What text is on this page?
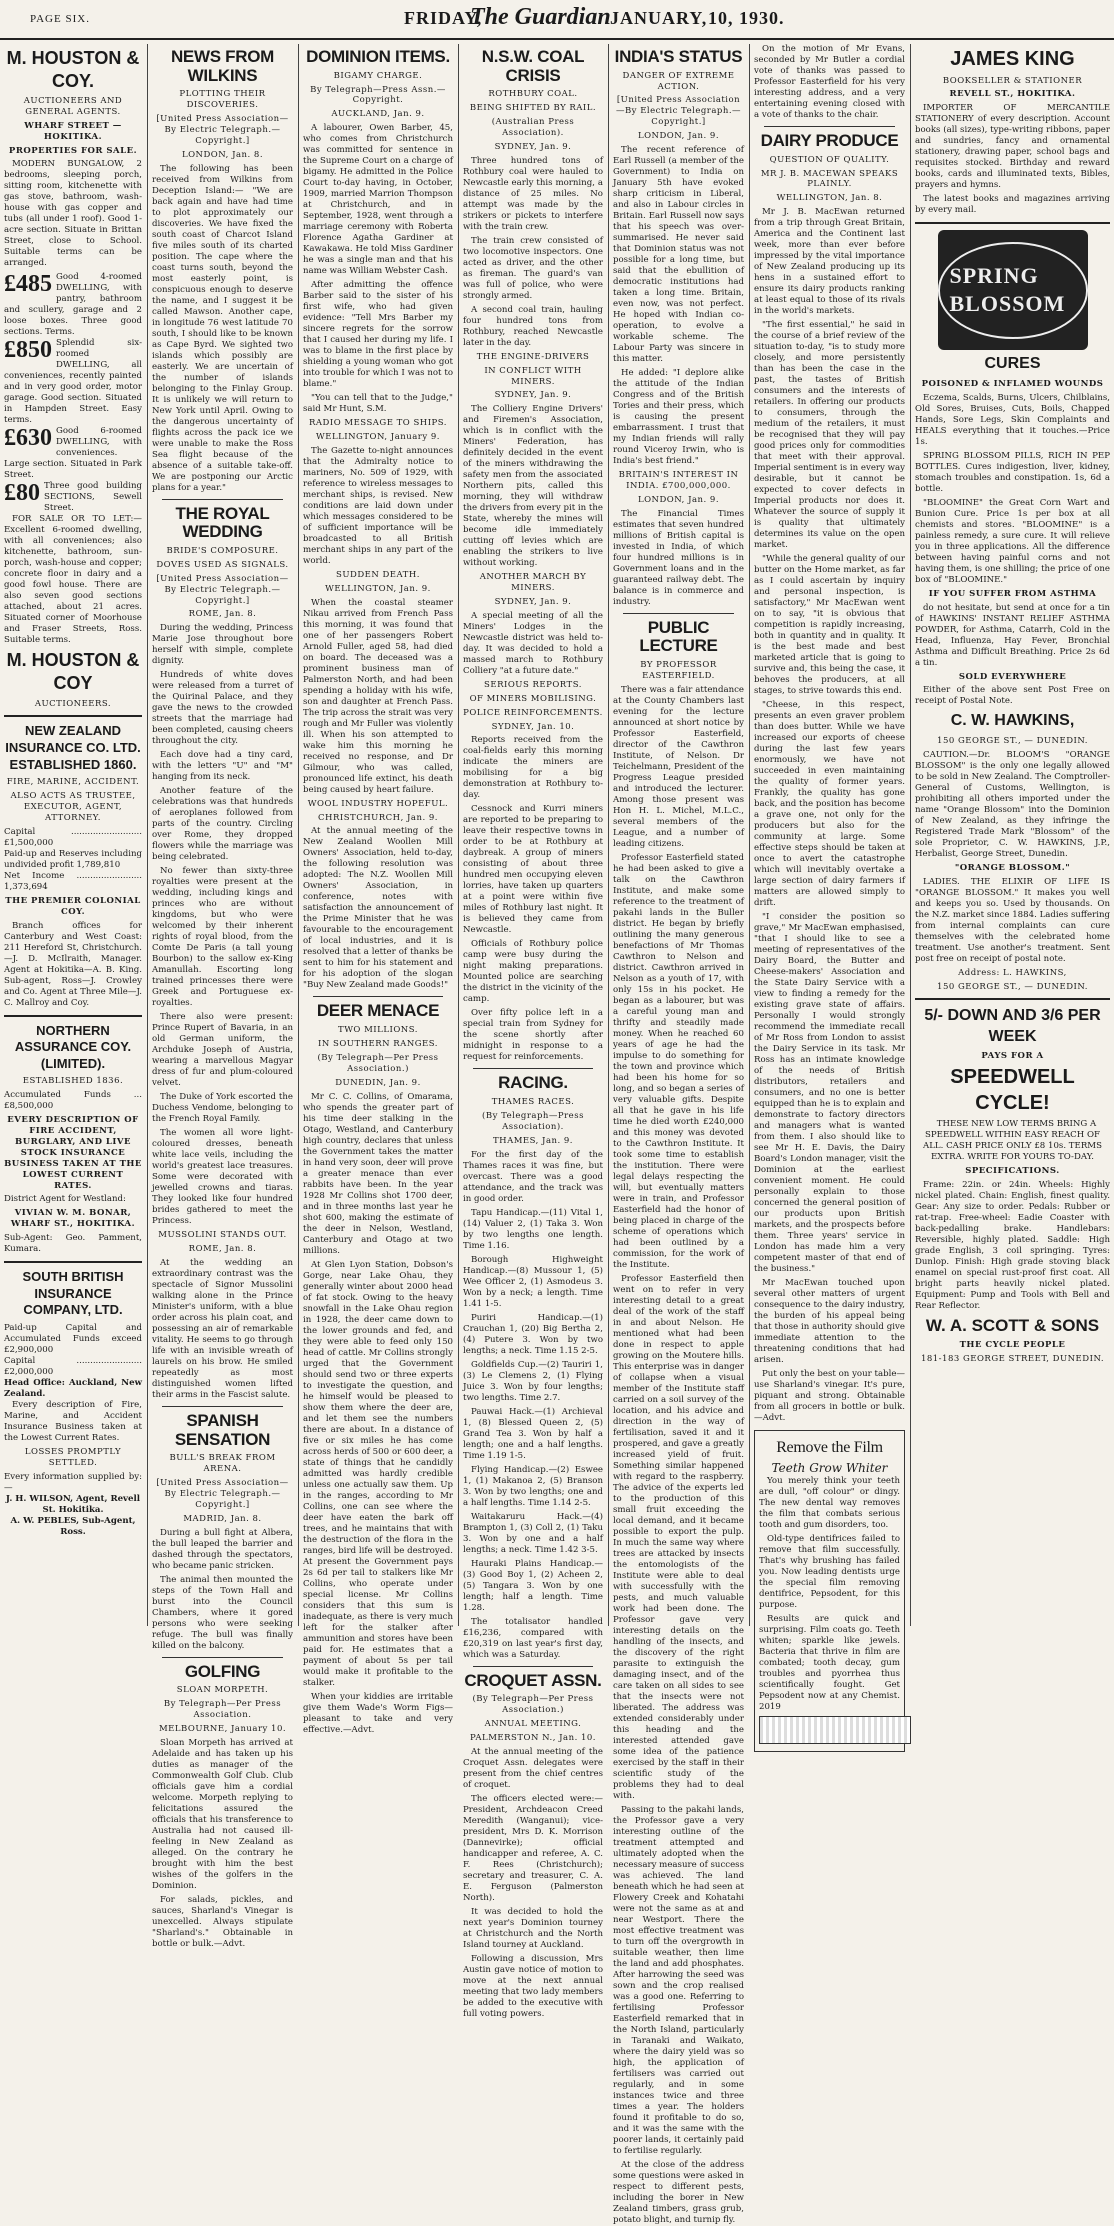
PAGE SIX.	FRIDAY,
The Guardian JANUARY, 10, 1930.
M. HOUSTON & COY.
AUCTIONEERS AND GENERAL AGENTS.
WHARF STREET — HOKITIKA.
PROPERTIES FOR SALE.

MODERN BUNGALOW, 2 bedrooms, sleeping porch, sitting room, kitchenette with gas stove, bathroom, wash-house with gas copper and tubs (all under 1 roof). Good 1-acre section. Situate in Brittan Street, close to School. Suitable terms can be arranged.

£485 Good 4-roomed DWELLING, with pantry, bathroom and scullery, garage and 2 loose boxes. Three good sections. Terms.
£850 Splendid six-roomed DWELLING, all conveniences, recently painted and in very good order, motor garage. Good section. Situated in Hampden Street. Easy terms.
£630 Good 6-roomed DWELLING, with conveniences. Large section. Situated in Park Street.
£80 Three good building SECTIONS, Sewell Street.

FOR SALE OR TO LET:—Excellent 6-roomed dwelling, with all conveniences; also kitchenette, bathroom, sun-porch, wash-house and copper; concrete floor in dairy and a good fowl house. There are also seven good sections attached, about 21 acres. Situated corner of Moorhouse and Fraser Streets, Ross. Suitable terms.

M. HOUSTON & COY
AUCTIONEERS.
NEW ZEALAND INSURANCE CO. LTD. ESTABLISHED 1860.
FIRE, MARINE, ACCIDENT.
ALSO ACTS AS TRUSTEE, EXECUTOR, AGENT, ATTORNEY.
Capital .......................... £1,500,000
Paid-up and Reserves including undivided profit 1,789,810
Net Income ........................ 1,373,694
THE PREMIER COLONIAL COY.

Branch offices for Canterbury and West Coast: 211 Hereford St, Christchurch.—J. D. McIlraith, Manager. Agent at Hokitika—A. B. King. Sub-agent, Ross—J. Crowley and Co. Agent at Three Mile—J. C. Mallroy and Coy.

NORTHERN ASSURANCE COY. (LIMITED).
ESTABLISHED 1836.
Accumulated Funds ... £8,500,000
EVERY DESCRIPTION OF FIRE ACCIDENT, BURGLARY, AND LIVE STOCK INSURANCE BUSINESS TAKEN AT THE LOWEST CURRENT RATES.
District Agent for Westland:
VIVIAN W. M. BONAR, WHARF ST., HOKITIKA.
Sub-Agent: Geo. Pamment, Kumara.
SOUTH BRITISH INSURANCE COMPANY, LTD.
Paid-up Capital and Accumulated Funds exceed £2,900,000
Capital ........................ £2,000,000
Head Office: Auckland, New Zealand.

Every description of Fire, Marine, and Accident Insurance Business taken at the Lowest Current Rates.

LOSSES PROMPTLY SETTLED.
Every information supplied by:—
J. H. WILSON, Agent, Revell St. Hokitika.
A. W. PEBLES, Sub-Agent, Ross.
NEWS FROM WILKINS
PLOTTING THEIR DISCOVERIES.
[United Press Association—By Electric Telegraph.—Copyright.]
LONDON, Jan. 8.

The following has been received from Wilkins from Deception Island:— "We are back again and have had time to plot approximately our discoveries. We have fixed the south coast of Charcot Island five miles south of its charted position. The cape where the coast turns south, beyond the most easterly point, is conspicuous enough to deserve the name, and I suggest it be called Mawson. Another cape, in longitude 76 west latitude 70 south, I should like to be known as Cape Byrd. We sighted two islands which possibly are easterly. We are uncertain of the number of islands belonging to the Finlay Group. It is unlikely we will return to New York until April. Owing to the dangerous uncertainty of flights across the pack ice we were unable to make the Ross Sea flight because of the absence of a suitable take-off. We are postponing our Arctic plans for a year."

THE ROYAL WEDDING
BRIDE'S COMPOSURE.
DOVES USED AS SIGNALS.
[United Press Association—By Electric Telegraph.—Copyright.]
ROME, Jan. 8.

During the wedding, Princess Marie Jose throughout bore herself with simple, complete dignity.

Hundreds of white doves were released from a turret of the Quirinal Palace, and they gave the news to the crowded streets that the marriage had been completed, causing cheers throughout the city.

Each dove had a tiny card, with the letters "U" and "M" hanging from its neck.

Another feature of the celebrations was that hundreds of aeroplanes followed from parts of the country. Circling over Rome, they dropped flowers while the marriage was being celebrated.

No fewer than sixty-three royalties were present at the wedding, including kings and princes who are without kingdoms, but who were welcomed by their inherent rights of royal blood, from the Comte De Paris (a tall young Bourbon) to the sallow ex-King Amanullah. Escorting long trained princesses there were Greek and Portuguese ex-royalties.

There also were present: Prince Rupert of Bavaria, in an old German uniform, the Archduke Joseph of Austria, wearing a marvellous Magyar dress of fur and plum-coloured velvet.

The Duke of York escorted the Duchess Vendome, belonging to the French Royal Family.

The women all wore light-coloured dresses, beneath white lace veils, including the world's greatest lace treasures. Some were decorated with jewelled crowns and tiaras. They looked like four hundred brides gathered to meet the Princess.

MUSSOLINI STANDS OUT.
ROME, Jan. 8.

At the wedding an extraordinary contrast was the spectacle of Signor Mussolini walking alone in the Prince Minister's uniform, with a blue order across his plain coat, and possessing an air of remarkable vitality. He seems to go through life with an invisible wreath of laurels on his brow. He smiled repeatedly as most distinguished women lifted their arms in the Fascist salute.

SPANISH SENSATION
BULL'S BREAK FROM ARENA.
[United Press Association—By Electric Telegraph.—Copyright.]
MADRID, Jan. 8.

During a bull fight at Albera, the bull leaped the barrier and dashed through the spectators, who became panic stricken.

The animal then mounted the steps of the Town Hall and burst into the Council Chambers, where it gored persons who were seeking refuge. The bull was finally killed on the balcony.

GOLFING
SLOAN MORPETH.
By Telegraph—Per Press Association.
MELBOURNE, January 10.

Sloan Morpeth has arrived at Adelaide and has taken up his duties as manager of the Commonwealth Golf Club. Club officials gave him a cordial welcome. Morpeth replying to felicitations assured the officials that his transference to Australia had not caused ill-feeling in New Zealand as alleged. On the contrary he brought with him the best wishes of the golfers in the Dominion.

For salads, pickles, and sauces, Sharland's Vinegar is unexcelled. Always stipulate "Sharland's." Obtainable in bottle or bulk.—Advt.

DOMINION ITEMS.
BIGAMY CHARGE.
By Telegraph—Press Assn.—Copyright.
AUCKLAND, Jan. 9.

A labourer, Owen Barber, 45, who comes from Christchurch was committed for sentence in the Supreme Court on a charge of bigamy. He admitted in the Police Court to-day having, in October, 1909, married Marrion Thompson at Christchurch, and in September, 1928, went through a marriage ceremony with Roberta Florence Agatha Gardiner at Kawakawa. He told Miss Gardiner he was a single man and that his name was William Webster Cash.

After admitting the offence Barber said to the sister of his first wife, who had given evidence: "Tell Mrs Barber my sincere regrets for the sorrow that I caused her during my life. I was to blame in the first place by shielding a young woman who got into trouble for which I was not to blame."

"You can tell that to the Judge," said Mr Hunt, S.M.

RADIO MESSAGE TO SHIPS.
WELLINGTON, January 9.

The Gazette to-night announces that the Admiralty notice to mariners, No. 509 of 1929, with reference to wireless messages to merchant ships, is revised. New conditions are laid down under which messages considered to be of sufficient importance will be broadcasted to all British merchant ships in any part of the world.

SUDDEN DEATH.
WELLINGTON, Jan. 9.

When the coastal steamer Nikau arrived from French Pass this morning, it was found that one of her passengers Robert Arnold Fuller, aged 58, had died on board. The deceased was a prominent business man of Palmerston North, and had been spending a holiday with his wife, son and daughter at French Pass. The trip across the strait was very rough and Mr Fuller was violently ill. When his son attempted to wake him this morning he received no response, and Dr Gilmour, who was called, pronounced life extinct, his death being caused by heart failure.

WOOL INDUSTRY HOPEFUL.
CHRISTCHURCH, Jan. 9.

At the annual meeting of the New Zealand Woollen Mill Owners' Association, held to-day, the following resolution was adopted: The N.Z. Woollen Mill Owners' Association, in conference, notes with satisfaction the announcement of the Prime Minister that he was favourable to the encouragement of local industries, and it is resolved that a letter of thanks be sent to him for his statement and for his adoption of the slogan "Buy New Zealand made Goods!"

DEER MENACE
TWO MILLIONS.
IN SOUTHERN RANGES.
(By Telegraph—Per Press Association.)
DUNEDIN, Jan. 9.

Mr C. C. Collins, of Omarama, who spends the greater part of his time deer stalking in the Otago, Westland, and Canterbury high country, declares that unless the Government takes the matter in hand very soon, deer will prove a greater menace than ever rabbits have been. In the year 1928 Mr Collins shot 1700 deer, and in three months last year he shot 600, making the estimate of the deer in Nelson, Westland, Canterbury and Otago at two millions.

At Glen Lyon Station, Dobson's Gorge, near Lake Ohau, they generally winter about 2000 head of fat stock. Owing to the heavy snowfall in the Lake Ohau region in 1928, the deer came down to the lower grounds and fed, and they were able to feed only 150 head of cattle. Mr Collins strongly urged that the Government should send two or three experts to investigate the question, and he himself would be pleased to show them where the deer are, and let them see the numbers there are about. In a distance of five or six miles he has come across herds of 500 or 600 deer, a state of things that he candidly admitted was hardly credible unless one actually saw them. Up in the ranges, according to Mr Collins, one can see where the deer have eaten the bark off trees, and he maintains that with the destruction of the flora in the ranges, bird life will be destroyed. At present the Government pays 2s 6d per tail to stalkers like Mr Collins, who operate under special license. Mr Collins considers that this sum is inadequate, as there is very much left for the stalker after ammunition and stores have been paid for. He estimates that a payment of about 5s per tail would make it profitable to the stalker.

When your kiddies are irritable give them Wade's Worm Figs—pleasant to take and very effective.—Advt.

N.S.W. COAL CRISIS
ROTHBURY COAL.
BEING SHIFTED BY RAIL.
(Australian Press Association).
SYDNEY, Jan. 9.

Three hundred tons of Rothbury coal were hauled to Newcastle early this morning, a distance of 25 miles. No attempt was made by the strikers or pickets to interfere with the train crew.

The train crew consisted of two locomotive inspectors. One acted as driver, and the other as fireman. The guard's van was full of police, who were strongly armed.

A second coal train, hauling four hundred tons from Rothbury, reached Newcastle later in the day.

THE ENGINE-DRIVERS
IN CONFLICT WITH MINERS.
SYDNEY, Jan. 9.

The Colliery Engine Drivers' and Firemen's Association, which is in conflict with the Miners' Federation, has definitely decided in the event of the miners withdrawing the safety men from the associated Northern pits, called this morning, they will withdraw the drivers from every pit in the State, whereby the mines will become idle immediately cutting off levies which are enabling the strikers to live without working.

ANOTHER MARCH BY MINERS.
SYDNEY, Jan. 9.

A special meeting of all the Miners' Lodges in the Newcastle district was held to-day. It was decided to hold a massed march to Rothbury Colliery "at a future date."

SERIOUS REPORTS.
OF MINERS MOBILISING.
POLICE REINFORCEMENTS.
SYDNEY, Jan. 10.

Reports received from the coal-fields early this morning indicate the miners are mobilising for a big demonstration at Rothbury to-day.

Cessnock and Kurri miners are reported to be preparing to leave their respective towns in order to be at Rothbury at daybreak. A group of miners consisting of about three hundred men occupying eleven lorries, have taken up quarters at a point were within five miles of Rothbury last night. It is believed they came from Newcastle.

Officials of Rothbury police camp were busy during the night making preparations. Mounted police are searching the district in the vicinity of the camp.

Over fifty police left in a special train from Sydney for the scene shortly after midnight in response to a request for reinforcements.

RACING.
THAMES RACES.
(By Telegraph—Press Association).
THAMES, Jan. 9.

For the first day of the Thames races it was fine, but overcast. There was a good attendance, and the track was in good order.

Tapu Handicap.—(11) Vital 1, (14) Valuer 2, (1) Taka 3. Won by two lengths one length. Time 1.16.

Borough Highweight Handicap.—(8) Mussour 1, (5) Wee Officer 2, (1) Asmodeus 3. Won by a neck; a length. Time 1.41 1-5.

Puriri Handicap.—(1) Crauchan 1, (20) Big Bertha 2, (4) Putere 3. Won by two lengths; a neck. Time 1.15 2-5.

Goldfields Cup.—(2) Tauriri 1, (3) Le Clemens 2, (1) Flying Juice 3. Won by four lengths; two lengths. Time 2.7.

Pauwai Hack.—(1) Archieval 1, (8) Blessed Queen 2, (5) Grand Tea 3. Won by half a length; one and a half lengths. Time 1.19 1-5.

Flying Handicap.—(2) Eswee 1, (1) Makanoa 2, (5) Branson 3. Won by two lengths; one and a half lengths. Time 1.14 2-5.

Waitakaruru Hack.—(4) Brampton 1, (3) Coll 2, (1) Taku 3. Won by one and a half lengths; a neck. Time 1.42 3-5.

Hauraki Plains Handicap.—(3) Good Boy 1, (2) Acheen 2, (5) Tangara 3. Won by one length; half a length. Time 1.28.

The totalisator handled £16,236, compared with £20,319 on last year's first day, which was a Saturday.

CROQUET ASSN.
(By Telegraph—Per Press Association.)
ANNUAL MEETING.
PALMERSTON N., Jan. 10.

At the annual meeting of the Croquet Assn. delegates were present from the chief centres of croquet.

The officers elected were:—President, Archdeacon Creed Meredith (Wanganui); vice-president, Mrs D. K. Morrison (Dannevirke); official handicapper and referee, A. C. F. Rees (Christchurch); secretary and treasurer, C. A. E. Ferguson (Palmerston North).

It was decided to hold the next year's Dominion tourney at Christchurch and the North Island tourney at Auckland.

Following a discussion, Mrs Austin gave notice of motion to move at the next annual meeting that two lady members be added to the executive with full voting powers.

INDIA'S STATUS
DANGER OF EXTREME ACTION.
[United Press Association—By Electric Telegraph.—Copyright.]
LONDON, Jan. 9.

The recent reference of Earl Russell (a member of the Government) to India on January 5th have evoked sharp criticism in Liberal, and also in Labour circles in Britain. Earl Russell now says that his speech was over-summarised. He never said that Dominion status was not possible for a long time, but said that the ebullition of democratic institutions had taken a long time. Britain, even now, was not perfect. He hoped with Indian co-operation, to evolve a workable scheme. The Labour Party was sincere in this matter.

He added: "I deplore alike the attitude of the Indian Congress and of the British Tories and their press, which is causing the present embarrassment. I trust that my Indian friends will rally round Viceroy Irwin, who is India's best friend."

BRITAIN'S INTEREST IN INDIA. £700,000,000.
LONDON, Jan. 9.

The Financial Times estimates that seven hundred millions of British capital is invested in India, of which four hundred millions is in Government loans and in the guaranteed railway debt. The balance is in commerce and industry.

PUBLIC LECTURE
BY PROFESSOR EASTERFIELD.

There was a fair attendance at the County Chambers last evening for the lecture announced at short notice by Professor Easterfield, director of the Cawthron Institute, of Nelson. Dr Teichelmann, President of the Progress League presided and introduced the lecturer. Among those present was Hon H. L. Michel, M.L.C., several members of the League, and a number of leading citizens.

Professor Easterfield stated he had been asked to give a talk on the Cawthron Institute, and make some reference to the treatment of pakahi lands in the Buller district. He began by briefly outlining the many generous benefactions of Mr Thomas Cawthron to Nelson and district. Cawthron arrived in Nelson as a youth of 17, with only 15s in his pocket. He began as a labourer, but was a careful young man and thrifty and steadily made money. When he reached 60 years of age he had the impulse to do something for the town and province which had been his home for so long, and so began a series of very valuable gifts. Despite all that he gave in his life time he died worth £240,000 and this money was devoted to the Cawthron Institute. It took some time to establish the institution. There were legal delays respecting the will, but eventually matters were in train, and Professor Easterfield had the honor of being placed in charge of the scheme of operations which had been outlined by a commission, for the work of the Institute.

Professor Easterfield then went on to refer in very interesting detail to a great deal of the work of the staff in and about Nelson. He mentioned what had been done in respect to apple growing on the Moutere hills. This enterprise was in danger of collapse when a visual member of the Institute staff carried on a soil survey of the location, and his advice and direction in the way of fertilisation, saved it and it prospered, and gave a greatly increased yield of fruit. Something similar happened with regard to the raspberry. The advice of the experts led to the production of this small fruit exceeding the local demand, and it became possible to export the pulp. In much the same way where trees are attacked by insects the entomologists of the Institute were able to deal with successfully with the pests, and much valuable work had been done. The Professor gave very interesting details on the handling of the insects, and the discovery of the right parasite to extinguish the damaging insect, and of the care taken on all sides to see that the insects were not liberated. The address was extended considerably under this heading and the interested attended gave some idea of the patience exercised by the staff in their scientific study of the problems they had to deal with.

Passing to the pakahi lands, the Professor gave a very interesting outline of the treatment attempted and ultimately adopted when the necessary measure of success was achieved. The land beneath which he had seen at Flowery Creek and Kohatahi were not the same as at and near Westport. There the most effective treatment was to turn off the overgrowth in suitable weather, then lime the land and add phosphates. After harrowing the seed was sown and the crop realised was a good one. Referring to fertilising Professor Easterfield remarked that in the North Island, particularly in Taranaki and Waikato, where the dairy yield was so high, the application of fertilisers was carried out regularly, and in some instances twice and three times a year. The holders found it profitable to do so, and it was the same with the poorer lands, it certainly paid to fertilise regularly.

At the close of the address some questions were asked in respect to different pests, including the borer in New Zealand timbers, grass grub, potato blight, and turnip fly.

On the motion of Mr Evans, seconded by Mr Butler a cordial vote of thanks was passed to Professor Easterfield for his very interesting address, and a very entertaining evening closed with a vote of thanks to the chair.

DAIRY PRODUCE
QUESTION OF QUALITY.
MR J. B. MACEWAN SPEAKS PLAINLY.
WELLINGTON, Jan. 8.

Mr J. B. MacEwan returned from a trip through Great Britain, America and the Continent last week, more than ever before impressed by the vital importance of New Zealand producing up its hens in a sustained effort to ensure its dairy products ranking at least equal to those of its rivals in the world's markets.

"The first essential," he said in the course of a brief review of the situation to-day, "is to study more closely, and more persistently than has been the case in the past, the tastes of British consumers and the interests of retailers. In offering our products to consumers, through the medium of the retailers, it must be recognised that they will pay good prices only for commodities that meet with their approval. Imperial sentiment is in every way desirable, but it cannot be expected to cover defects in Imperial products nor does it. Whatever the source of supply it is quality that ultimately determines its value on the open market.

"While the general quality of our butter on the Home market, as far as I could ascertain by inquiry and personal inspection, is satisfactory," Mr MacEwan went on to say, "it is obvious that competition is rapidly increasing, both in quantity and in quality. It is the best made and best marketed article that is going to survive and, this being the case, it behoves the producers, at all stages, to strive towards this end.

"Cheese, in this respect, presents an even graver problem than does butter. While we have increased our exports of cheese during the last few years enormously, we have not succeeded in even maintaining the quality of former years. Frankly, the quality has gone back, and the position has become a grave one, not only for the producers but also for the community at large. Some effective steps should be taken at once to avert the catastrophe which will inevitably overtake a large section of dairy farmers if matters are allowed simply to drift.

"I consider the position so grave," Mr MacEwan emphasised, "that I should like to see a meeting of representatives of the Dairy Board, the Butter and Cheese-makers' Association and the State Dairy Service with a view to finding a remedy for the existing grave state of affairs. Personally I would strongly recommend the immediate recall of Mr Ross from London to assist the Dairy Service in its task. Mr Ross has an intimate knowledge of the needs of British distributors, retailers and consumers, and no one is better equipped than he is to explain and demonstrate to factory directors and managers what is wanted from them. I also should like to see Mr H. E. Davis, the Dairy Board's London manager, visit the Dominion at the earliest convenient moment. He could personally explain to those concerned the general position of our products upon British markets, and the prospects before them. Three years' service in London has made him a very competent master of that end of the business."

Mr MacEwan touched upon several other matters of urgent consequence to the dairy industry, the burden of his appeal being that those in authority should give immediate attention to the threatening conditions that had arisen.

Put only the best on your table—use Sharland's vinegar. It's pure, piquant and strong. Obtainable from all grocers in bottle or bulk.—Advt.

Remove the Film
Teeth Grow Whiter

You merely think your teeth are dull, "off colour" or dingy. The new dental way removes the film that combats serious tooth and gum disorders, too.

Old-type dentifrices failed to remove that film successfully. That's why brushing has failed you. Now leading dentists urge the special film removing dentifrice, Pepsodent, for this purpose.

Results are quick and surprising. Film coats go. Teeth whiten; sparkle like jewels. Bacteria that thrive in film are combated; tooth decay, gum troubles and pyorrhea thus scientifically fought. Get Pepsodent now at any Chemist. 2019

JAMES KING
BOOKSELLER & STATIONER
REVELL ST., HOKITIKA.

IMPORTER OF MERCANTILE STATIONERY of every description. Account books (all sizes), type-writing ribbons, paper and sundries, fancy and ornamental stationery, drawing paper, school bags and requisites stocked. Birthday and reward books, cards and illuminated texts, Bibles, prayers and hymns.

The latest books and magazines arriving by every mail.

SPRING BLOSSOM
CURES
POISONED & INFLAMED WOUNDS

Eczema, Scalds, Burns, Ulcers, Chilblains, Old Sores, Bruises, Cuts, Boils, Chapped Hands, Sore Legs, Skin Complaints and HEALS everything that it touches.—Price 1s.

SPRING BLOSSOM PILLS, RICH IN PEP BOTTLES. Cures indigestion, liver, kidney, stomach troubles and constipation. 1s, 6d a bottle.

"BLOOMINE" the Great Corn Wart and Bunion Cure. Price 1s per box at all chemists and stores. "BLOOMINE" is a painless remedy, a sure cure. It will relieve you in three applications. All the difference between having painful corns and not having them, is one shilling; the price of one box of "BLOOMINE."

IF YOU SUFFER FROM ASTHMA

do not hesitate, but send at once for a tin of HAWKINS' INSTANT RELIEF ASTHMA POWDER, for Asthma, Catarrh, Cold in the Head, Influenza, Hay Fever, Bronchial Asthma and Difficult Breathing. Price 2s 6d a tin.

SOLD EVERYWHERE

Either of the above sent Post Free on receipt of Postal Note.

C. W. HAWKINS,
150 GEORGE ST., — DUNEDIN.

CAUTION.—Dr. BLOOM'S "ORANGE BLOSSOM" is the only one legally allowed to be sold in New Zealand. The Comptroller-General of Customs, Wellington, is prohibiting all others imported under the name "Orange Blossom" into the Dominion of New Zealand, as they infringe the Registered Trade Mark "Blossom" of the sole Proprietor, C. W. HAWKINS, J.P., Herbalist, George Street, Dunedin.

"ORANGE BLOSSOM."

LADIES. THE ELIXIR OF LIFE IS "ORANGE BLOSSOM." It makes you well and keeps you so. Used by thousands. On the N.Z. market since 1884. Ladies suffering from internal complaints can cure themselves with the celebrated home treatment. Use another's treatment. Sent post free on receipt of postal note.

Address: L. HAWKINS,
150 GEORGE ST., — DUNEDIN.
5/- DOWN AND 3/6 PER WEEK
PAYS FOR A
SPEEDWELL CYCLE!

THESE NEW LOW TERMS BRING A SPEEDWELL WITHIN EASY REACH OF ALL. CASH PRICE ONLY £8 10s. TERMS EXTRA. WRITE FOR YOURS TO-DAY.

SPECIFICATIONS.

Frame: 22in. or 24in. Wheels: Highly nickel plated. Chain: English, finest quality. Gear: Any size to order. Pedals: Rubber or rat-trap. Free-wheel: Eadie Coaster with back-pedalling brake. Handlebars: Reversible, highly plated. Saddle: High grade English, 3 coil springing. Tyres: Dunlop. Finish: High grade stoving black enamel on special rust-proof first coat. All bright parts heavily nickel plated. Equipment: Pump and Tools with Bell and Rear Reflector.

W. A. SCOTT & SONS
THE CYCLE PEOPLE
181-183 GEORGE STREET, DUNEDIN.
